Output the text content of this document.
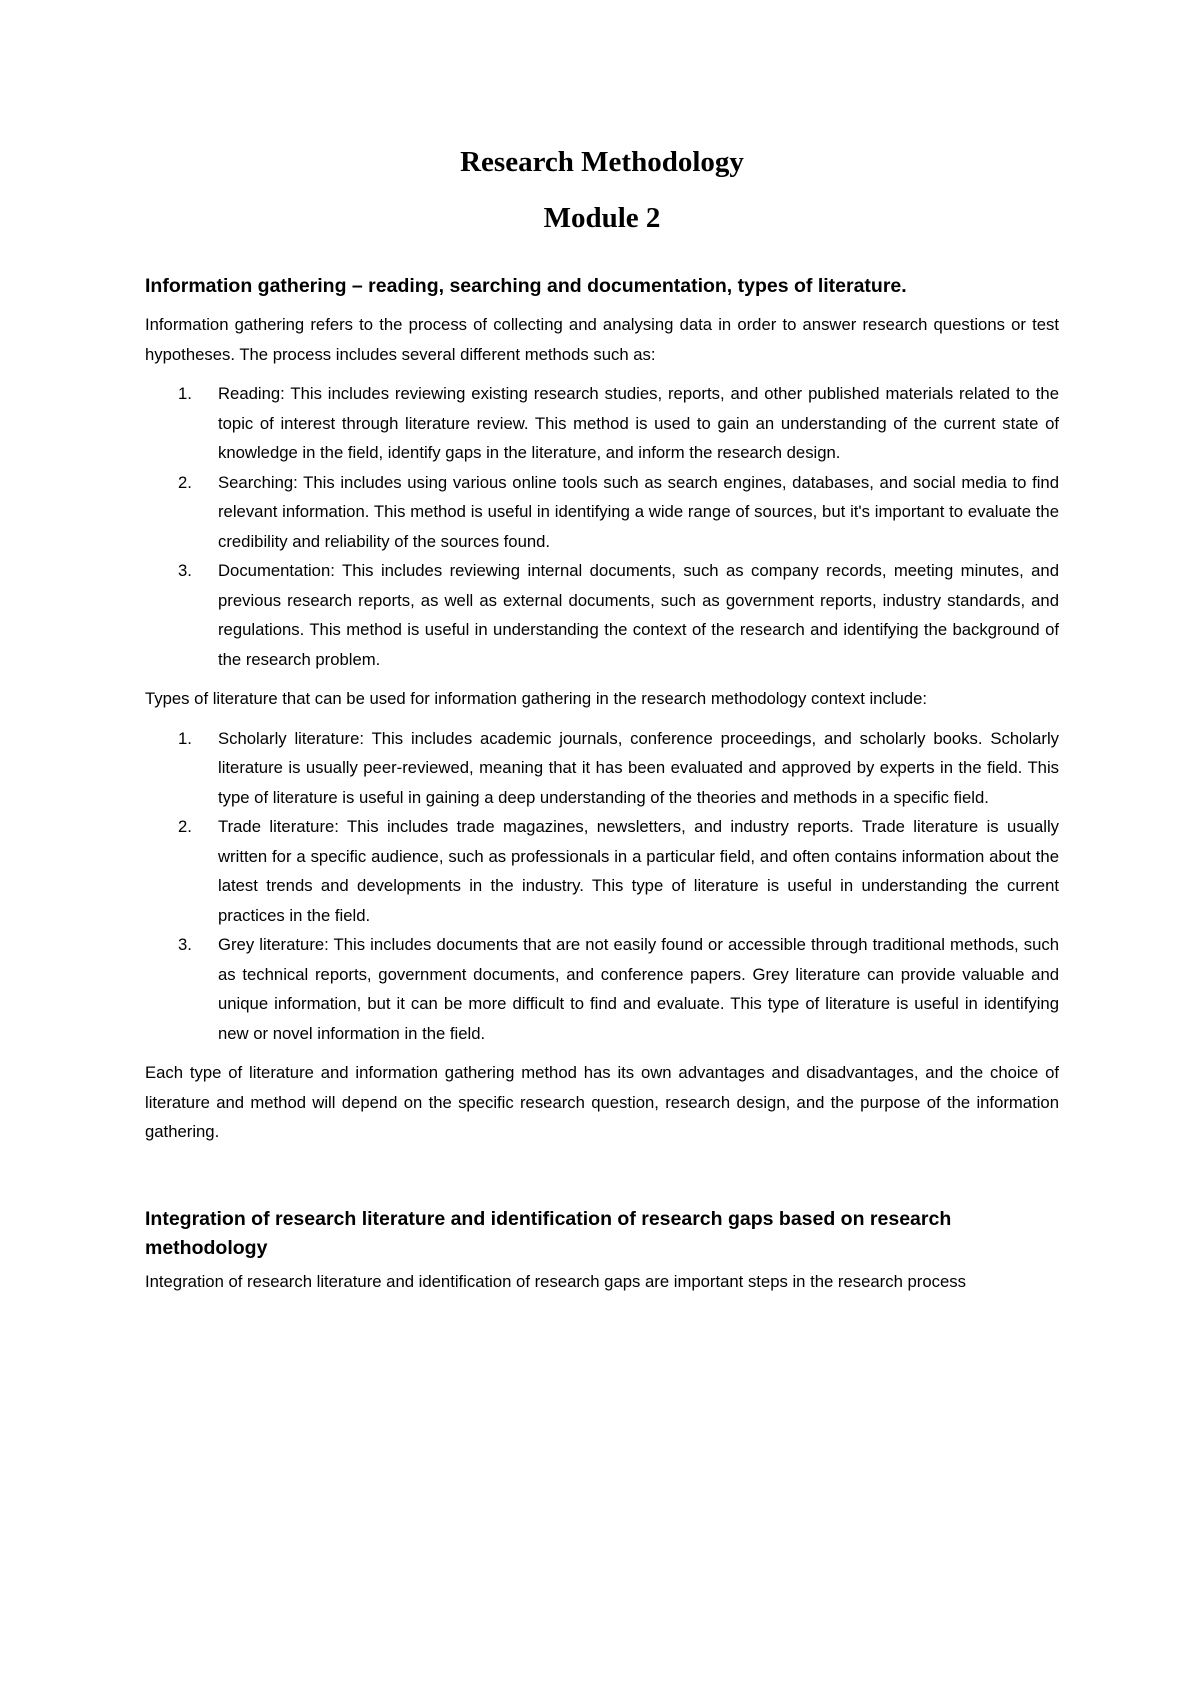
Research Methodology
Module 2
Information gathering – reading, searching and documentation, types of literature.

Information gathering refers to the process of collecting and analysing data in order to answer research questions or test hypotheses. The process includes several different methods such as:

1.	Reading: This includes reviewing existing research studies, reports, and other published materials related to the topic of interest through literature review. This method is used to gain an understanding of the current state of knowledge in the field, identify gaps in the literature, and inform the research design.
2.	Searching: This includes using various online tools such as search engines, databases, and social media to find relevant information. This method is useful in identifying a wide range of sources, but it's important to evaluate the credibility and reliability of the sources found.
3.	Documentation: This includes reviewing internal documents, such as company records, meeting minutes, and previous research reports, as well as external documents, such as government reports, industry standards, and regulations. This method is useful in understanding the context of the research and identifying the background of the research problem.

Types of literature that can be used for information gathering in the research methodology context include:

1.	Scholarly literature: This includes academic journals, conference proceedings, and scholarly books. Scholarly literature is usually peer-reviewed, meaning that it has been evaluated and approved by experts in the field. This type of literature is useful in gaining a deep understanding of the theories and methods in a specific field.
2.	Trade literature: This includes trade magazines, newsletters, and industry reports. Trade literature is usually written for a specific audience, such as professionals in a particular field, and often contains information about the latest trends and developments in the industry. This type of literature is useful in understanding the current practices in the field.
3.	Grey literature: This includes documents that are not easily found or accessible through traditional methods, such as technical reports, government documents, and conference papers. Grey literature can provide valuable and unique information, but it can be more difficult to find and evaluate. This type of literature is useful in identifying new or novel information in the field.

Each type of literature and information gathering method has its own advantages and disadvantages, and the choice of literature and method will depend on the specific research question, research design, and the purpose of the information gathering.

Integration of research literature and identification of research gaps based on research methodology

Integration of research literature and identification of research gaps are important steps in the research process
